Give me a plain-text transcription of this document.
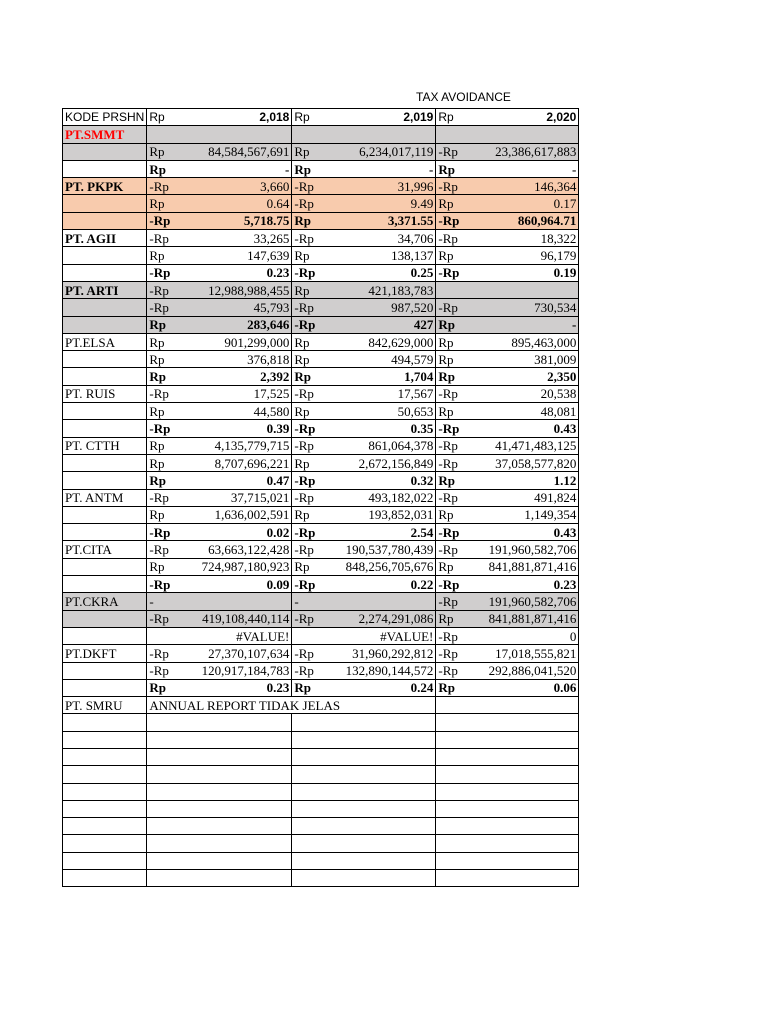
TAX AVOIDANCE
KODE PRSHN	Rp	2,018	Rp	2,019	Rp	2,020
PT.SMMT						
	Rp	84,584,567,691	Rp	6,234,017,119	-Rp	23,386,617,883
	Rp	-	Rp	-	Rp	-
PT. PKPK	-Rp	3,660	-Rp	31,996	-Rp	146,364
	Rp	0.64	-Rp	9.49	Rp	0.17
	-Rp	5,718.75	Rp	3,371.55	-Rp	860,964.71
PT. AGII	-Rp	33,265	-Rp	34,706	-Rp	18,322
	Rp	147,639	Rp	138,137	Rp	96,179
	-Rp	0.23	-Rp	0.25	-Rp	0.19
PT. ARTI	-Rp	12,988,988,455	Rp	421,183,783		
	-Rp	45,793	-Rp	987,520	-Rp	730,534
	Rp	283,646	-Rp	427	Rp	-
PT.ELSA	Rp	901,299,000	Rp	842,629,000	Rp	895,463,000
	Rp	376,818	Rp	494,579	Rp	381,009
	Rp	2,392	Rp	1,704	Rp	2,350
PT. RUIS	-Rp	17,525	-Rp	17,567	-Rp	20,538
	Rp	44,580	Rp	50,653	Rp	48,081
	-Rp	0.39	-Rp	0.35	-Rp	0.43
PT. CTTH	Rp	4,135,779,715	-Rp	861,064,378	-Rp	41,471,483,125
	Rp	8,707,696,221	Rp	2,672,156,849	-Rp	37,058,577,820
	Rp	0.47	-Rp	0.32	Rp	1.12
PT. ANTM	-Rp	37,715,021	-Rp	493,182,022	-Rp	491,824
	Rp	1,636,002,591	Rp	193,852,031	Rp	1,149,354
	-Rp	0.02	-Rp	2.54	-Rp	0.43
PT.CITA	-Rp	63,663,122,428	-Rp	190,537,780,439	-Rp	191,960,582,706
	Rp	724,987,180,923	Rp	848,256,705,676	Rp	841,881,871,416
	-Rp	0.09	-Rp	0.22	-Rp	0.23
PT.CKRA	-		-		-Rp	191,960,582,706
	-Rp	419,108,440,114	-Rp	2,274,291,086	Rp	841,881,871,416
		#VALUE!		#VALUE!	-Rp	0
PT.DKFT	-Rp	27,370,107,634	-Rp	31,960,292,812	-Rp	17,018,555,821
	-Rp	120,917,184,783	-Rp	132,890,144,572	-Rp	292,886,041,520
	Rp	0.23	Rp	0.24	Rp	0.06
PT. SMRU	ANNUAL REPORT TIDAK JELAS					
